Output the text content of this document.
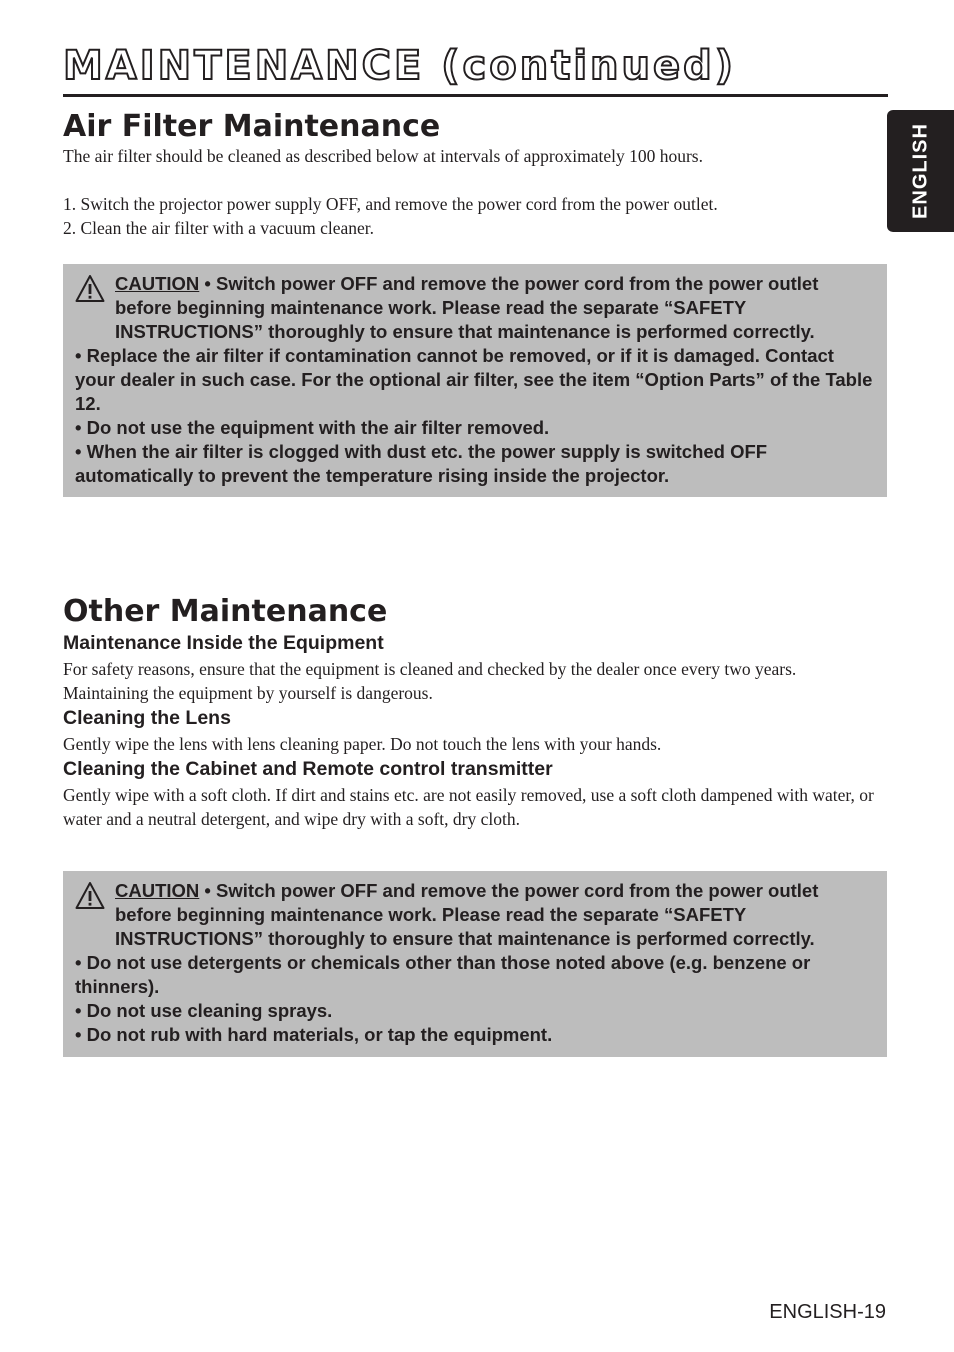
MAINTENANCE (continued)
ENGLISH
Air Filter Maintenance

The air filter should be cleaned as described below at intervals of approximately 100 hours.

1. Switch the projector power supply OFF, and remove the power cord from the power outlet.

2. Clean the air filter with a vacuum cleaner.

CAUTION • Switch power OFF and remove the power cord from the power outlet before beginning maintenance work. Please read the separate “SAFETY INSTRUCTIONS” thoroughly to ensure that maintenance is performed correctly.

• Replace the air filter if contamination cannot be removed, or if it is damaged. Contact your dealer in such case. For the optional air filter, see the item “Option Parts” of the Table 12.

• Do not use the equipment with the air filter removed.

• When the air filter is clogged with dust etc. the power supply is switched OFF automatically to prevent the temperature rising inside the projector.

Other Maintenance
Maintenance Inside the Equipment

For safety reasons, ensure that the equipment is cleaned and checked by the dealer once every two years. Maintaining the equipment by yourself is dangerous.

Cleaning the Lens

Gently wipe the lens with lens cleaning paper. Do not touch the lens with your hands.

Cleaning the Cabinet and Remote control transmitter

Gently wipe with a soft cloth. If dirt and stains etc. are not easily removed, use a soft cloth dampened with water, or water and a neutral detergent, and wipe dry with a soft, dry cloth.

CAUTION • Switch power OFF and remove the power cord from the power outlet before beginning maintenance work. Please read the separate “SAFETY INSTRUCTIONS” thoroughly to ensure that maintenance is performed correctly.

• Do not use detergents or chemicals other than those noted above (e.g. benzene or thinners).

• Do not use cleaning sprays.

• Do not rub with hard materials, or tap the equipment.

ENGLISH-19
